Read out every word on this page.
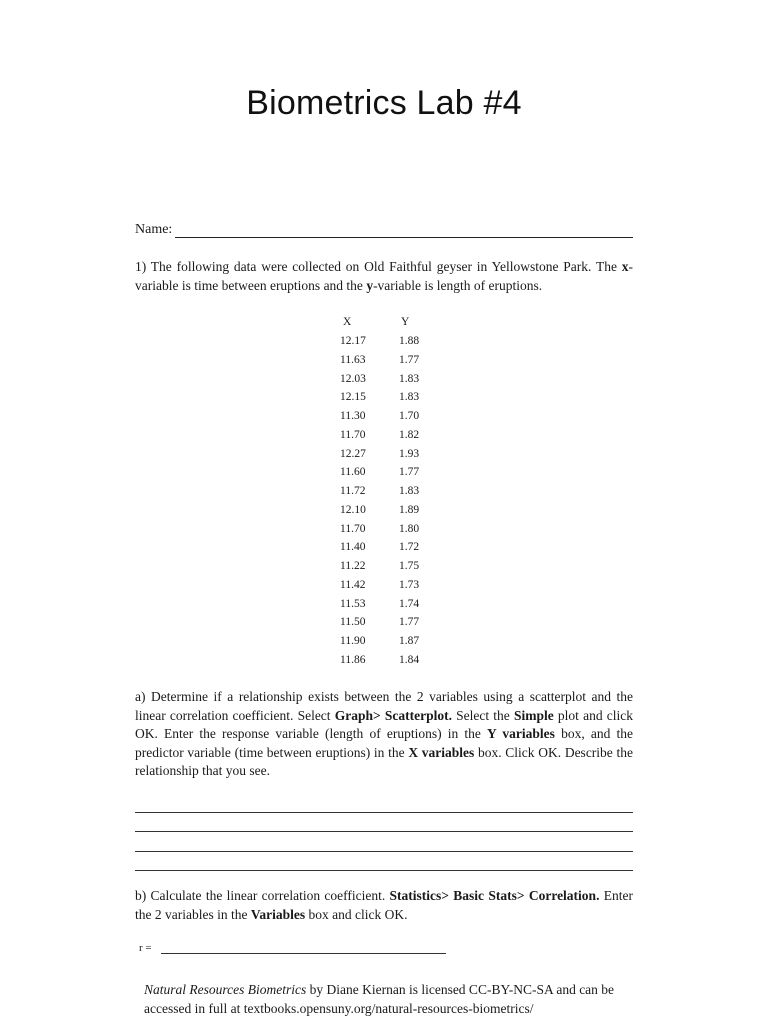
Biometrics Lab #4
Name:

1) The following data were collected on Old Faithful geyser in Yellowstone Park. The x-variable is time between eruptions and the y-variable is length of eruptions.

X	Y
12.17	1.88
11.63	1.77
12.03	1.83
12.15	1.83
11.30	1.70
11.70	1.82
12.27	1.93
11.60	1.77
11.72	1.83
12.10	1.89
11.70	1.80
11.40	1.72
11.22	1.75
11.42	1.73
11.53	1.74
11.50	1.77
11.90	1.87
11.86	1.84

a) Determine if a relationship exists between the 2 variables using a scatterplot and the linear correlation coefficient. Select Graph> Scatterplot. Select the Simple plot and click OK. Enter the response variable (length of eruptions) in the Y variables box, and the predictor variable (time between eruptions) in the X variables box. Click OK. Describe the relationship that you see.

b) Calculate the linear correlation coefficient. Statistics> Basic Stats> Correlation. Enter the 2 variables in the Variables box and click OK.

r =

Natural Resources Biometrics by Diane Kiernan is licensed CC-BY-NC-SA and can be accessed in full at textbooks.opensuny.org/natural-resources-biometrics/
